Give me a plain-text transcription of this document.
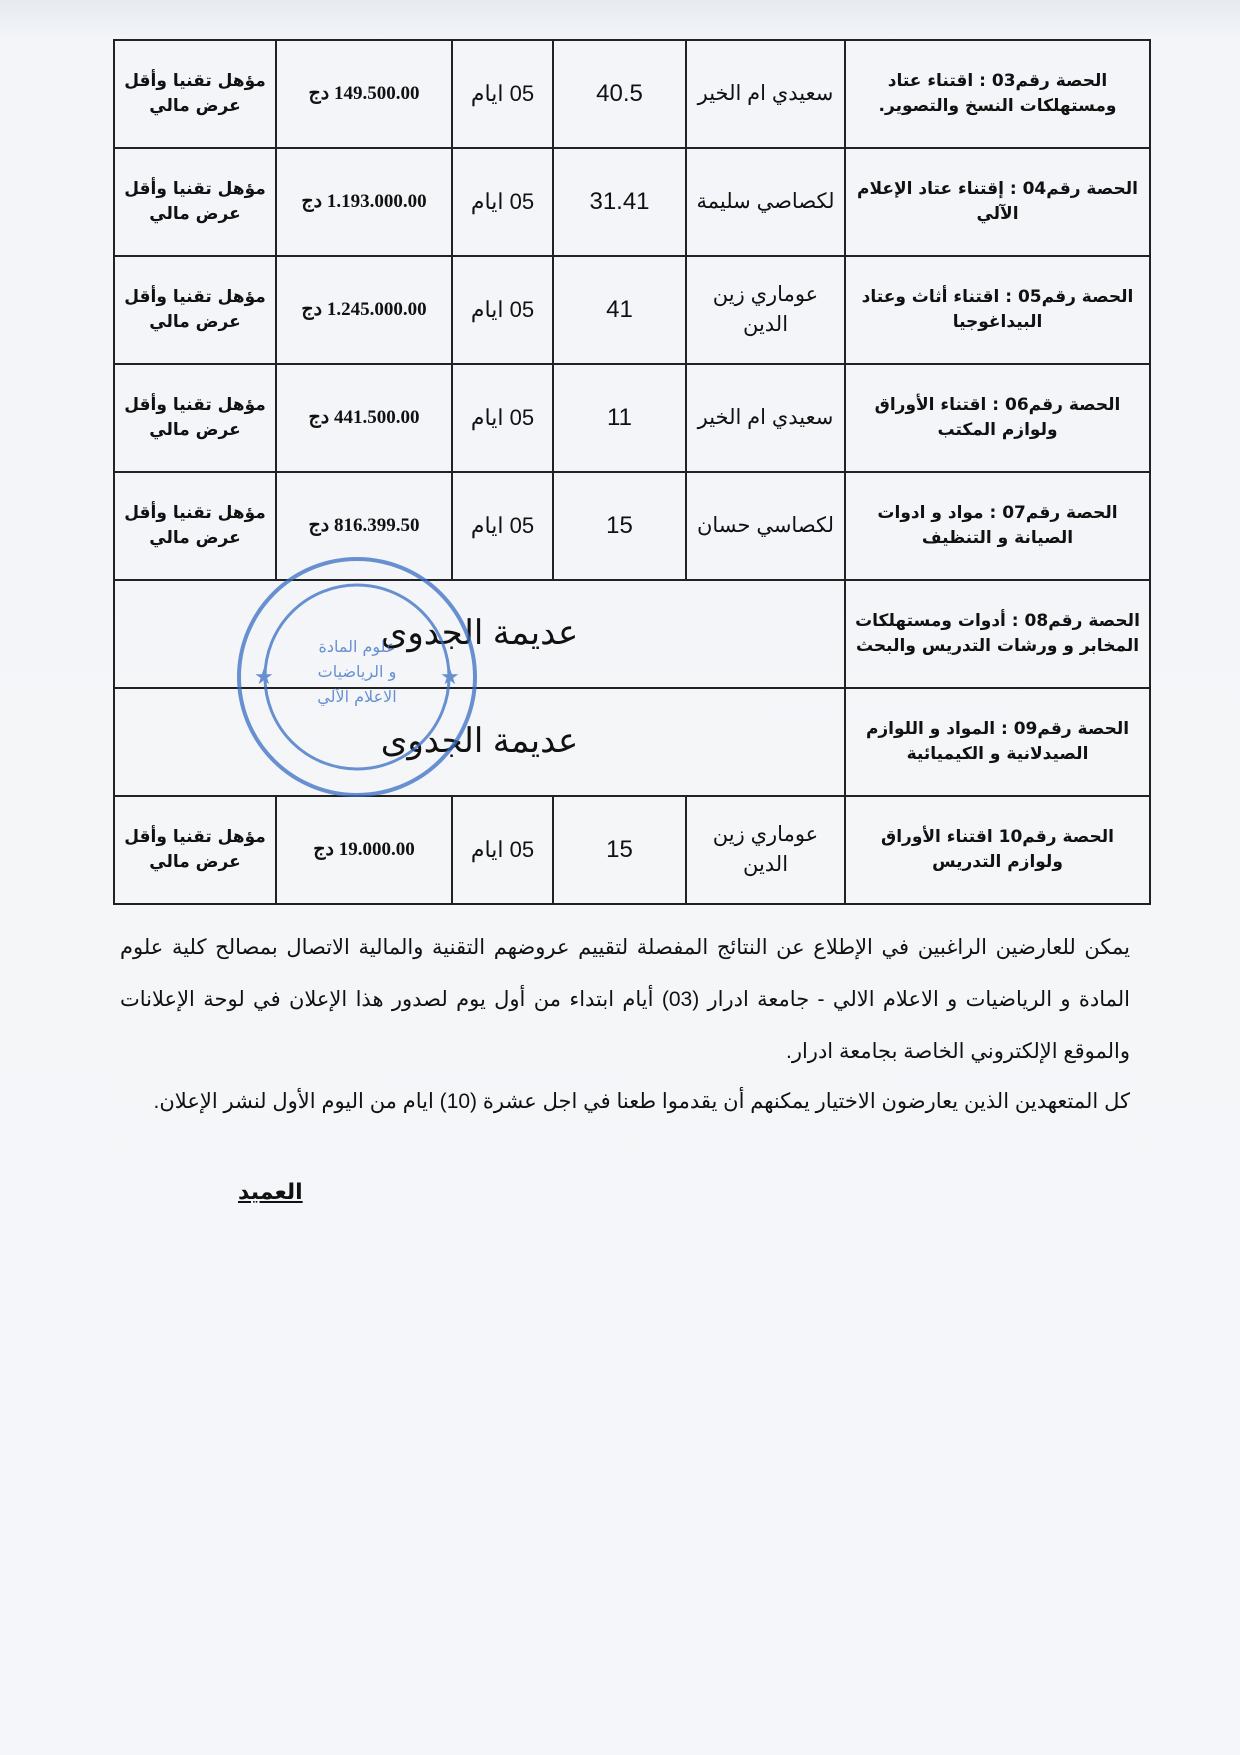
الحصة رقم03 : اقتناء عتاد ومستهلكات النسخ والتصوير.	سعيدي ام الخير	40.5	05 ايام	149.500.00 دج	مؤهل تقنيا وأقل عرض مالي
الحصة رقم04 : إقتناء عتاد الإعلام الآلي	لكصاصي سليمة	31.41	05 ايام	1.193.000.00 دج	مؤهل تقنيا وأقل عرض مالي
الحصة رقم05 : اقتناء أثاث وعتاد البيداغوجيا	عوماري زين الدين	41	05 ايام	1.245.000.00 دج	مؤهل تقنيا وأقل عرض مالي
الحصة رقم06 : اقتناء الأوراق ولوازم المكتب	سعيدي ام الخير	11	05 ايام	441.500.00 دج	مؤهل تقنيا وأقل عرض مالي
الحصة رقم07 : مواد و ادوات الصيانة و التنظيف	لكصاسي حسان	15	05 ايام	816.399.50 دج	مؤهل تقنيا وأقل عرض مالي
الحصة رقم08 : أدوات ومستهلكات المخابر و ورشات التدريس والبحث	عديمة الجدوى				
الحصة رقم09 : المواد و اللوازم الصيدلانية و الكيميائية	عديمة الجدوى				
الحصة رقم10 اقتناء الأوراق ولوازم التدريس	عوماري زين الدين	15	05 ايام	19.000.00 دج	مؤهل تقنيا وأقل عرض مالي
★	★
علوم المادة
و الرياضيات
الاعلام الآلي

يمكن للعارضين الراغبين في الإطلاع عن النتائج المفصلة لتقييم عروضهم التقنية والمالية الاتصال بمصالح كلية علوم المادة و الرياضيات و الاعلام الالي - جامعة ادرار (03) أيام ابتداء من أول يوم لصدور هذا الإعلان في لوحة الإعلانات والموقع الإلكتروني الخاصة بجامعة ادرار.

كل المتعهدين الذين يعارضون الاختيار يمكنهم أن يقدموا طعنا في اجل عشرة (10) ايام من اليوم الأول لنشر الإعلان.

العميد
